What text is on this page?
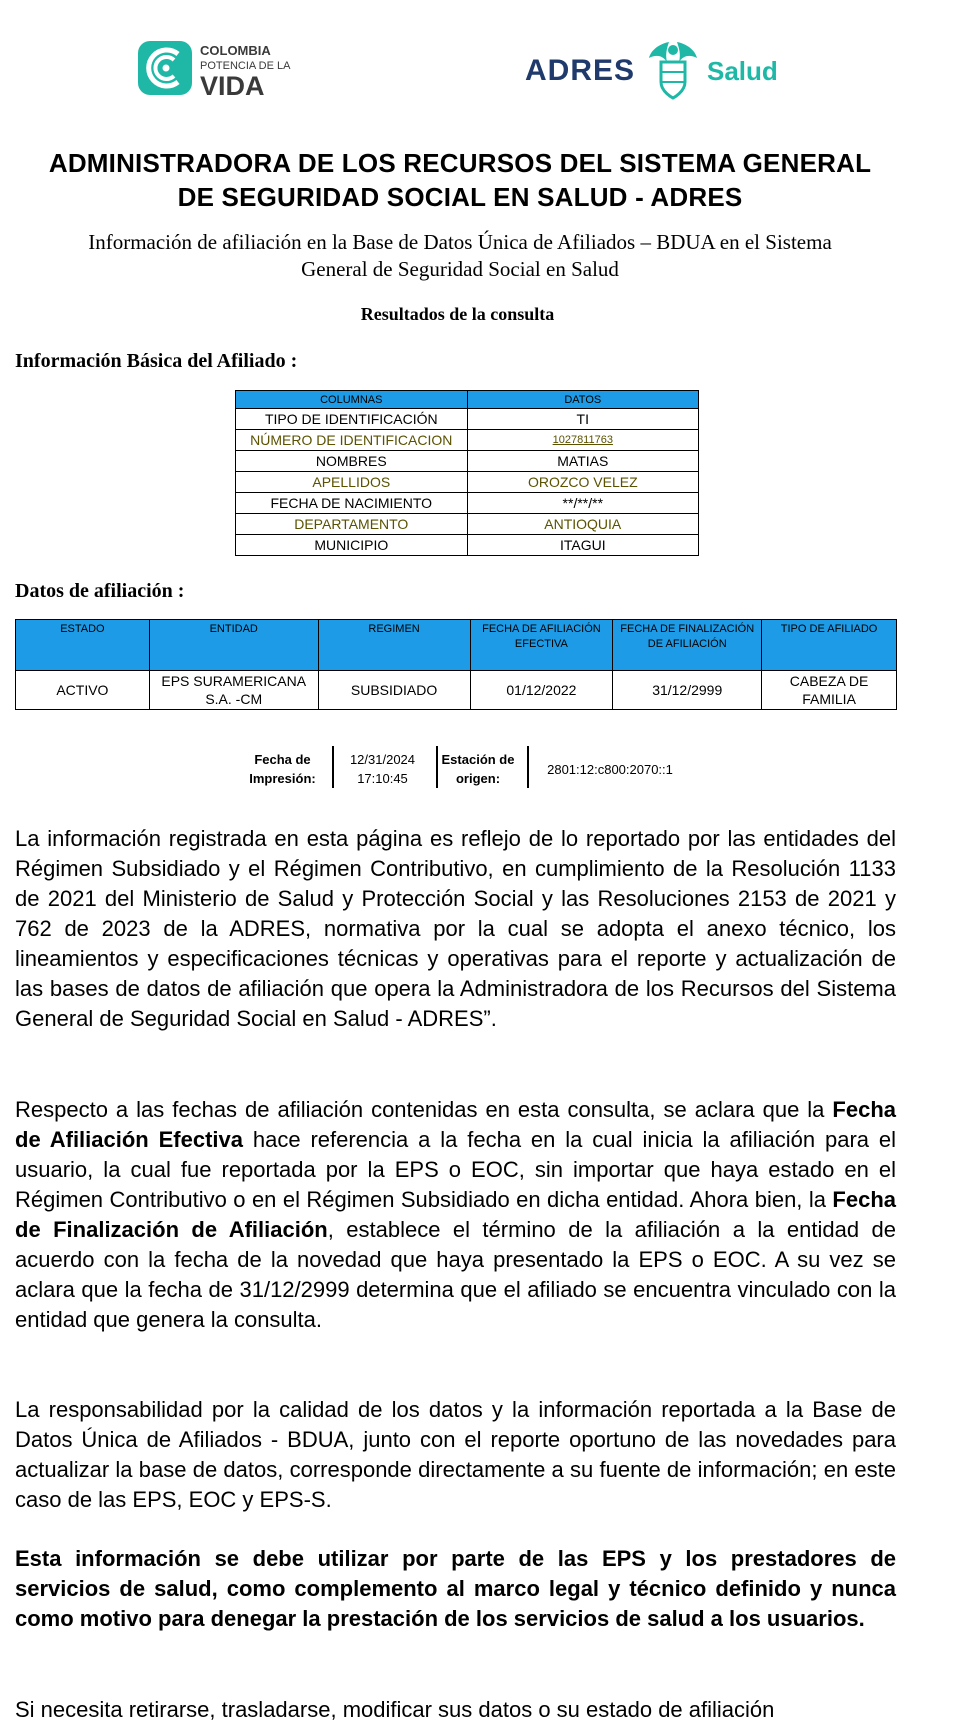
COLOMBIA
POTENCIA DE LA
VIDA	ADRES	Salud
ADMINISTRADORA DE LOS RECURSOS DEL SISTEMA GENERAL
DE SEGURIDAD SOCIAL EN SALUD - ADRES
Información de afiliación en la Base de Datos Única de Afiliados – BDUA en el Sistema
General de Seguridad Social en Salud
Resultados de la consulta
Información Básica del Afiliado :
COLUMNAS	DATOS
TIPO DE IDENTIFICACIÓN	TI
NÚMERO DE IDENTIFICACION	1027811763
NOMBRES	MATIAS
APELLIDOS	OROZCO VELEZ
FECHA DE NACIMIENTO	**/**/**
DEPARTAMENTO	ANTIOQUIA
MUNICIPIO	ITAGUI
Datos de afiliación :
ESTADO	ENTIDAD	REGIMEN	FECHA DE AFILIACIÓN EFECTIVA	FECHA DE FINALIZACIÓN DE AFILIACIÓN	TIPO DE AFILIADO
ACTIVO	EPS SURAMERICANA S.A. -CM	SUBSIDIADO	01/12/2022	31/12/2999	CABEZA DE FAMILIA
Fecha de
Impresión:
12/31/2024
17:10:45
Estación de
origen:
2801:12:c800:2070::1

La información registrada en esta página es reflejo de lo reportado por las entidades del Régimen Subsidiado y el Régimen Contributivo, en cumplimiento de la Resolución 1133 de 2021 del Ministerio de Salud y Protección Social y las Resoluciones 2153 de 2021 y 762 de 2023 de la ADRES, normativa por la cual se adopta el anexo técnico, los lineamientos y especificaciones técnicas y operativas para el reporte y actualización de las bases de datos de afiliación que opera la Administradora de los Recursos del Sistema General de Seguridad Social en Salud - ADRES”.

Respecto a las fechas de afiliación contenidas en esta consulta, se aclara que la Fecha de Afiliación Efectiva hace referencia a la fecha en la cual inicia la afiliación para el usuario, la cual fue reportada por la EPS o EOC, sin importar que haya estado en el Régimen Contributivo o en el Régimen Subsidiado en dicha entidad. Ahora bien, la Fecha de Finalización de Afiliación, establece el término de la afiliación a la entidad de acuerdo con la fecha de la novedad que haya presentado la EPS o EOC. A su vez se aclara que la fecha de 31/12/2999 determina que el afiliado se encuentra vinculado con la entidad que genera la consulta.

La responsabilidad por la calidad de los datos y la información reportada a la Base de Datos Única de Afiliados - BDUA, junto con el reporte oportuno de las novedades para actualizar la base de datos, corresponde directamente a su fuente de información; en este caso de las EPS, EOC y EPS-S.

Esta información se debe utilizar por parte de las EPS y los prestadores de servicios de salud, como complemento al marco legal y técnico definido y nunca como motivo para denegar la prestación de los servicios de salud a los usuarios.

Si necesita retirarse, trasladarse, modificar sus datos o su estado de afiliación
